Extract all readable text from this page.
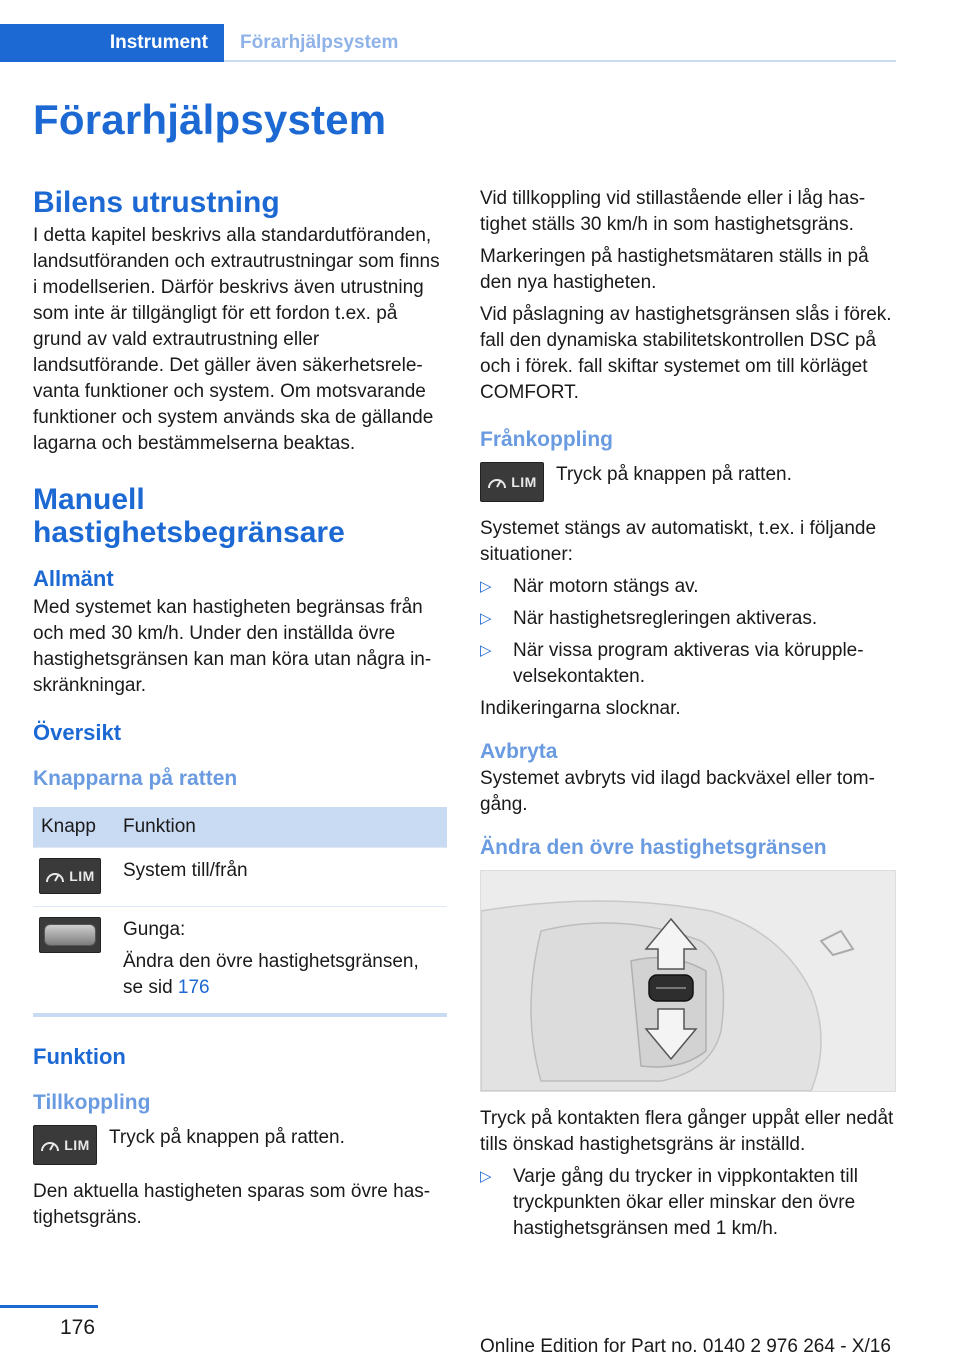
Instrument	Förarhjälpsystem
Förarhjälpsystem
Bilens utrustning

I detta kapitel beskrivs alla standardutföranden, landsutföranden och extrautrustningar som finns i modellserien. Därför beskrivs även utrustning som inte är tillgängligt för ett fordon t.ex. på grund av vald extrautrustning eller landsutförande. Det gäller även säkerhetsrelevanta funktioner och system. Om motsvarande funktioner och system används ska de gällande lagarna och bestämmelserna beaktas.

Manuell hastighetsbegränsare
Allmänt

Med systemet kan hastigheten begränsas från och med 30 km/h. Under den inställda övre hastighetsgränsen kan man köra utan några inskränkningar.

Översikt
Knapparna på ratten
Knapp	Funktion

LIM	System till/från

	Gunga:

Ändra den övre hastighetsgränsen, se sid 176

Funktion
Tillkoppling
LIM Tryck på knappen på ratten.

Den aktuella hastigheten sparas som övre hastighetsgräns.

Vid tillkoppling vid stillastående eller i låg hastighet ställs 30 km/h in som hastighetsgräns.

Markeringen på hastighetsmätaren ställs in på den nya hastigheten.

Vid påslagning av hastighetsgränsen slås i förek. fall den dynamiska stabilitetskontrollen DSC på och i förek. fall skiftar systemet om till körläget COMFORT.

Frånkoppling
LIM Tryck på knappen på ratten.

Systemet stängs av automatiskt, t.ex. i följande situationer:

▷ När motorn stängs av.
▷ När hastighetsregleringen aktiveras.
▷ När vissa program aktiveras via körupplevelsekontakten.

Indikeringarna slocknar.

Avbryta

Systemet avbryts vid ilagd backväxel eller tomgång.

Ändra den övre hastighetsgränsen

Tryck på kontakten flera gånger uppåt eller nedåt tills önskad hastighetsgräns är inställd.

▷ Varje gång du trycker in vippkontakten till tryckpunkten ökar eller minskar den övre hastighetsgränsen med 1 km/h.
176
Online Edition for Part no. 0140 2 976 264 - X/16
